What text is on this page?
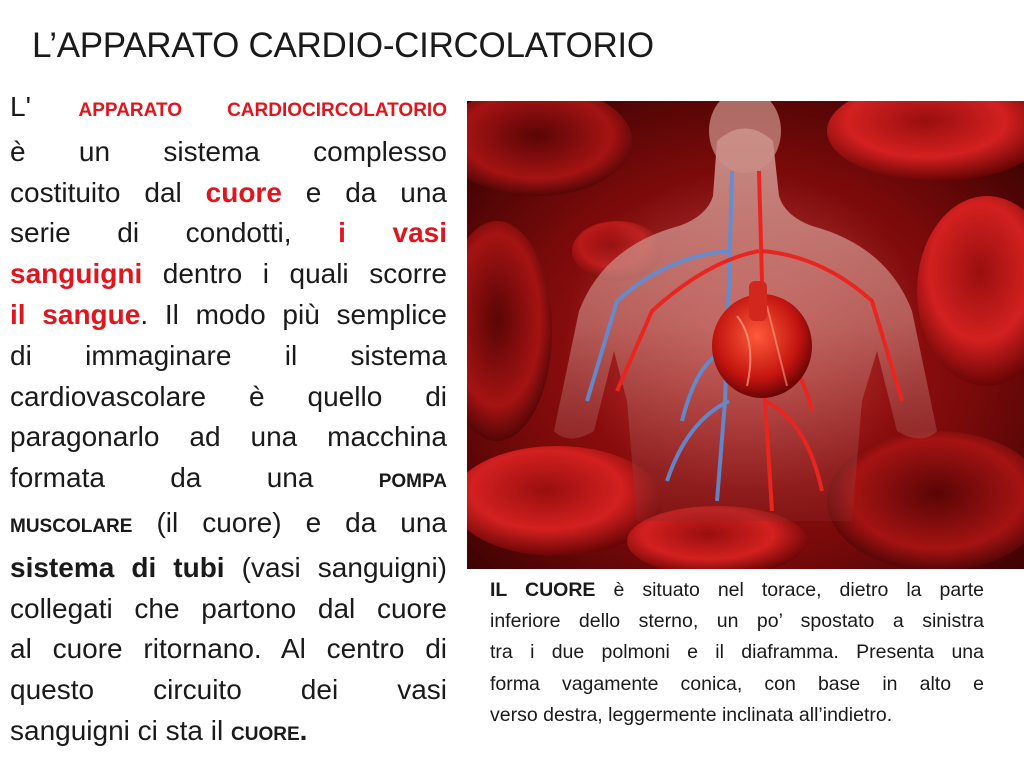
L’APPARATO CARDIO-CIRCOLATORIO
L'	APPARATO CARDIOCIRCOLATORIO
è un sistema complesso
costituito dal cuore e da una
serie di condotti, i vasi
sanguigni dentro i quali scorre
il sangue. Il modo più semplice
di immaginare il sistema
cardiovascolare è quello di
paragonarlo ad una macchina
formata da una POMPA
MUSCOLARE (il cuore) e da una
sistema di tubi (vasi sanguigni)
collegati che partono dal cuore
al cuore ritornano. Al centro di
questo circuito dei vasi
sanguigni ci sta il CUORE.
IL CUORE è situato nel torace, dietro la parte
inferiore dello sterno, un po’ spostato a sinistra
tra i due polmoni e il diaframma. Presenta una
forma vagamente conica, con base in alto e
verso destra, leggermente inclinata all’indietro.
